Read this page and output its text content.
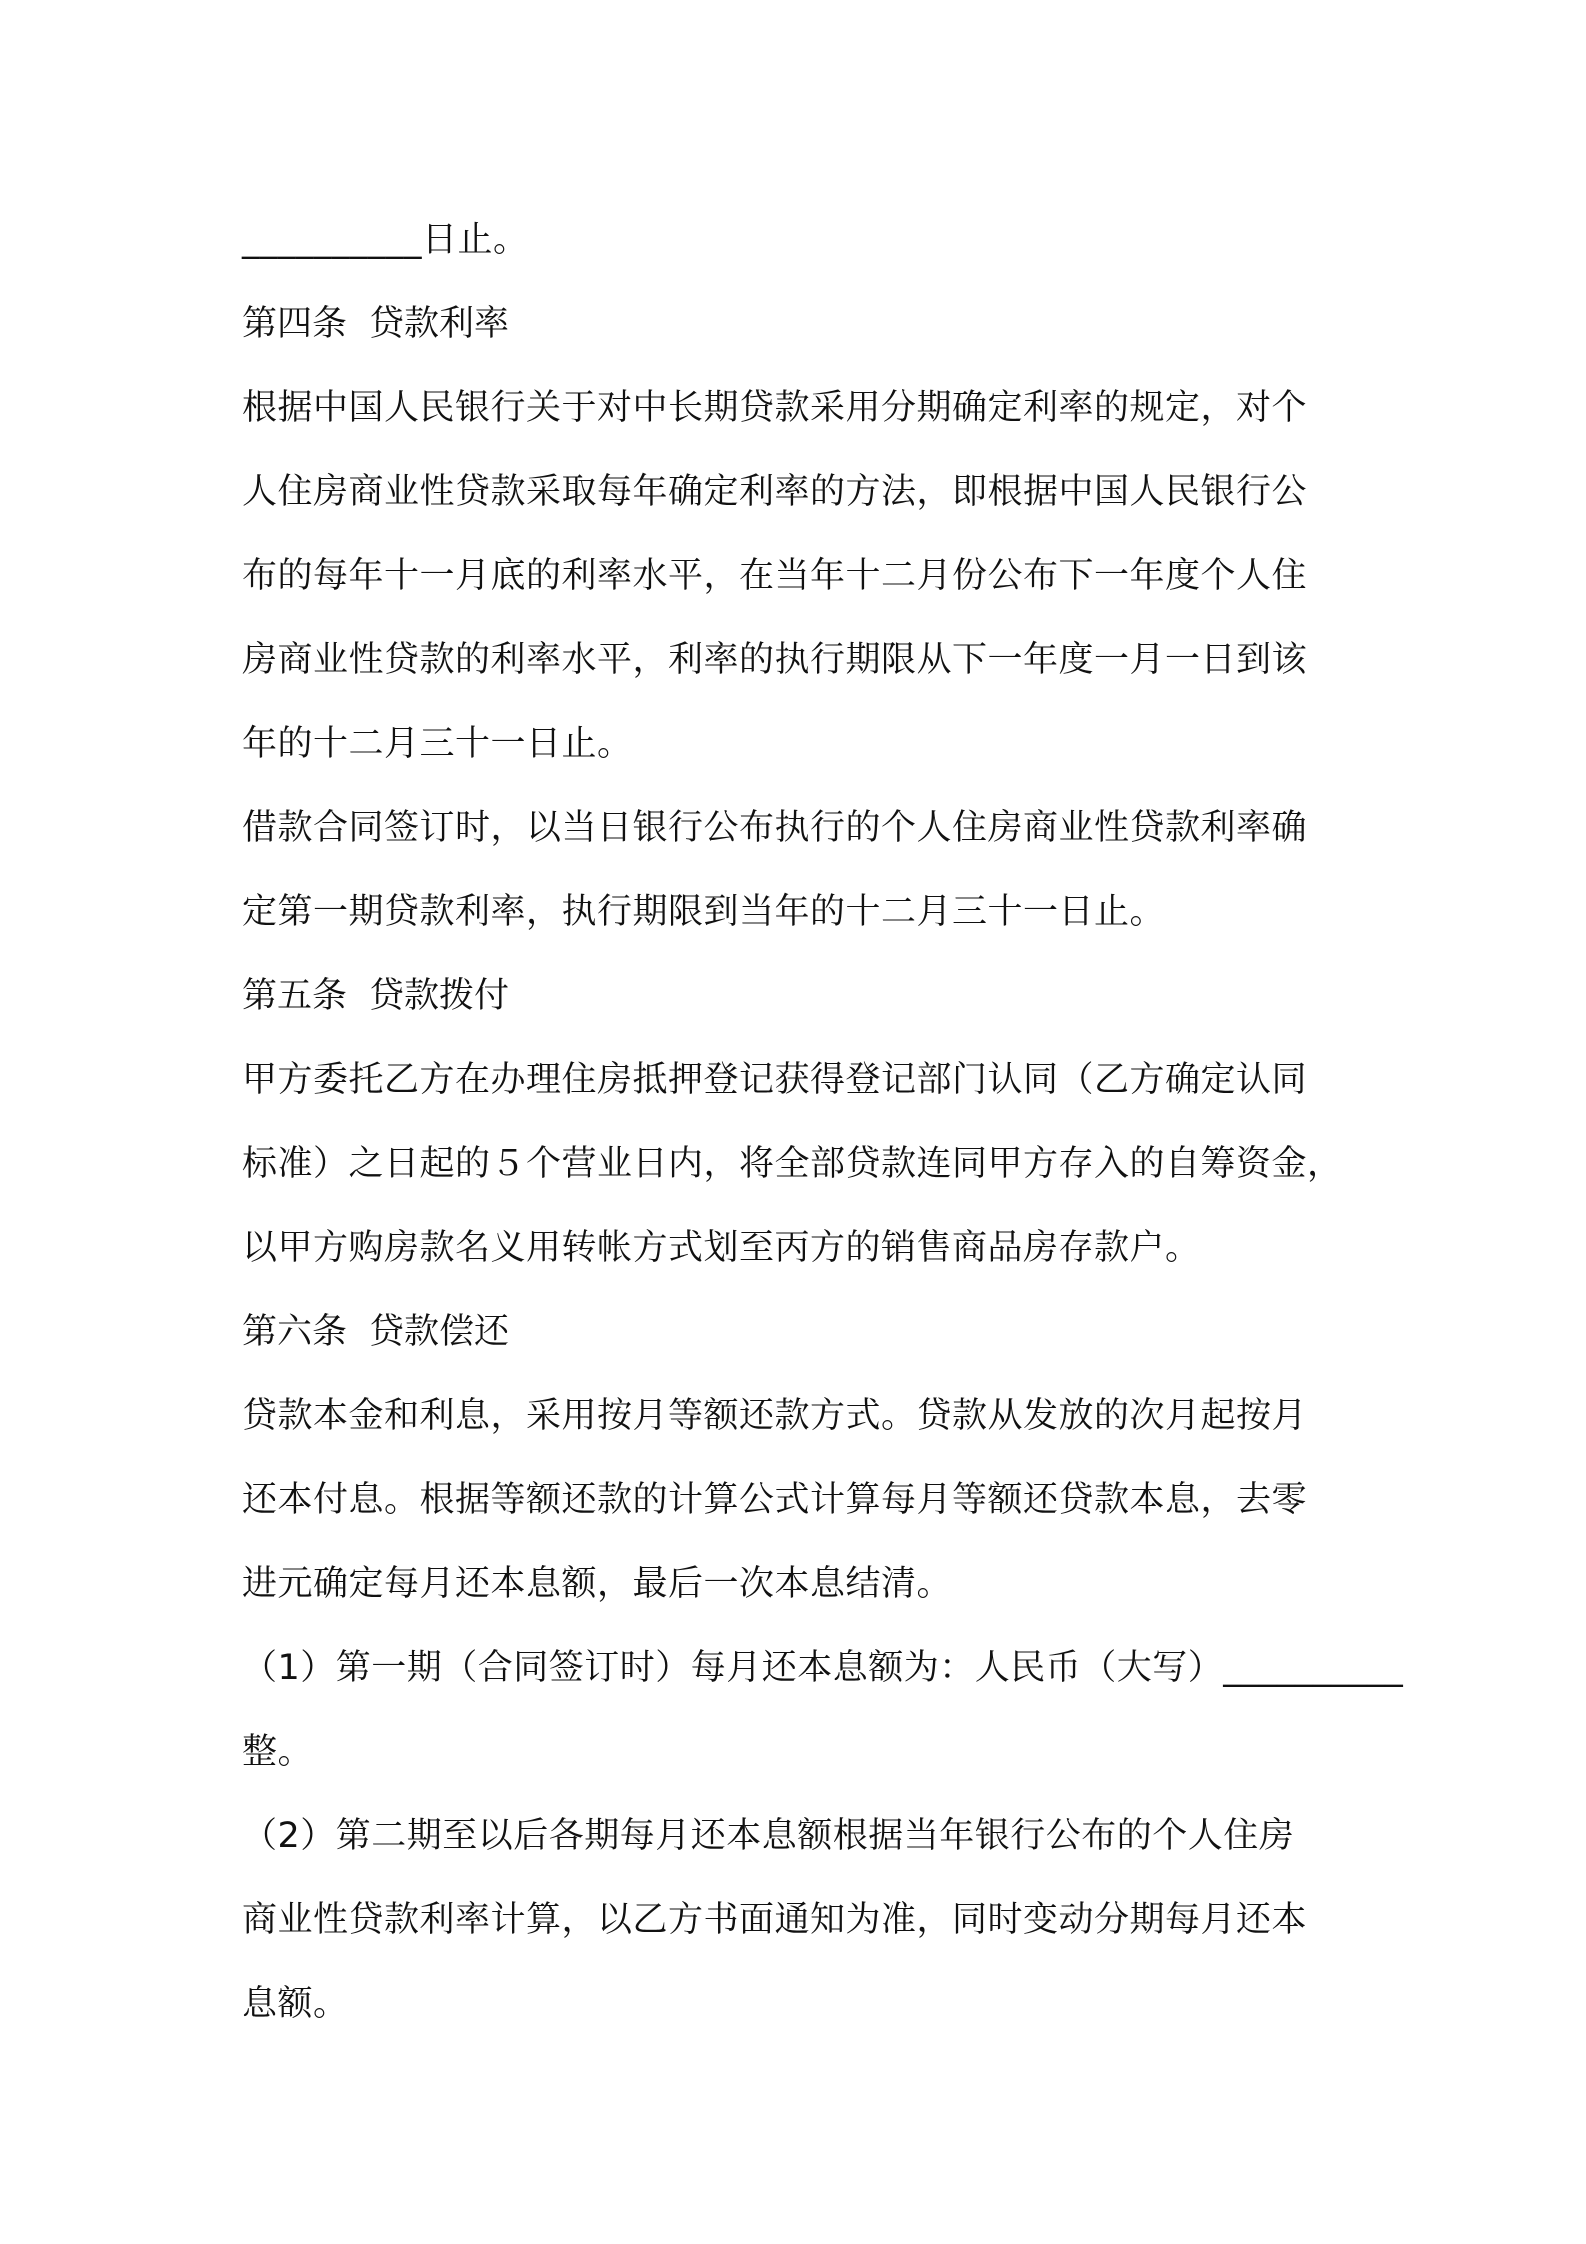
__________日止。
第四条 贷款利率
根据中国人民银行关于对中长期贷款采用分期确定利率的规定，对个
人住房商业性贷款采取每年确定利率的方法，即根据中国人民银行公
布的每年十一月底的利率水平，在当年十二月份公布下一年度个人住
房商业性贷款的利率水平，利率的执行期限从下一年度一月一日到该
年的十二月三十一日止。
借款合同签订时，以当日银行公布执行的个人住房商业性贷款利率确
定第一期贷款利率，执行期限到当年的十二月三十一日止。
第五条 贷款拨付
甲方委托乙方在办理住房抵押登记获得登记部门认同（乙方确定认同
标准）之日起的５个营业日内，将全部贷款连同甲方存入的自筹资金，
以甲方购房款名义用转帐方式划至丙方的销售商品房存款户。
第六条 贷款偿还
贷款本金和利息，采用按月等额还款方式。贷款从发放的次月起按月
还本付息。根据等额还款的计算公式计算每月等额还贷款本息，去零
进元确定每月还本息额，最后一次本息结清。
（1）第一期（合同签订时）每月还本息额为：人民币（大写）__________
整。
（2）第二期至以后各期每月还本息额根据当年银行公布的个人住房
商业性贷款利率计算，以乙方书面通知为准，同时变动分期每月还本
息额。
